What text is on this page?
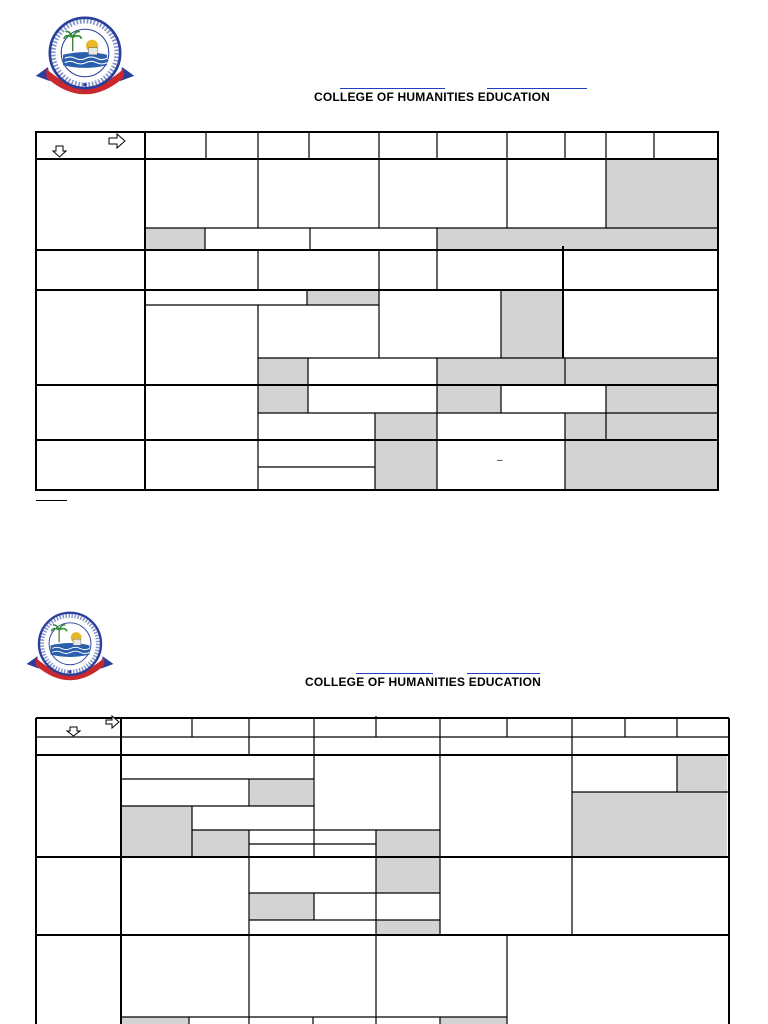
COLLEGE OF HUMANITIES EDUCATION
–
COLLEGE OF HUMANITIES EDUCATION
